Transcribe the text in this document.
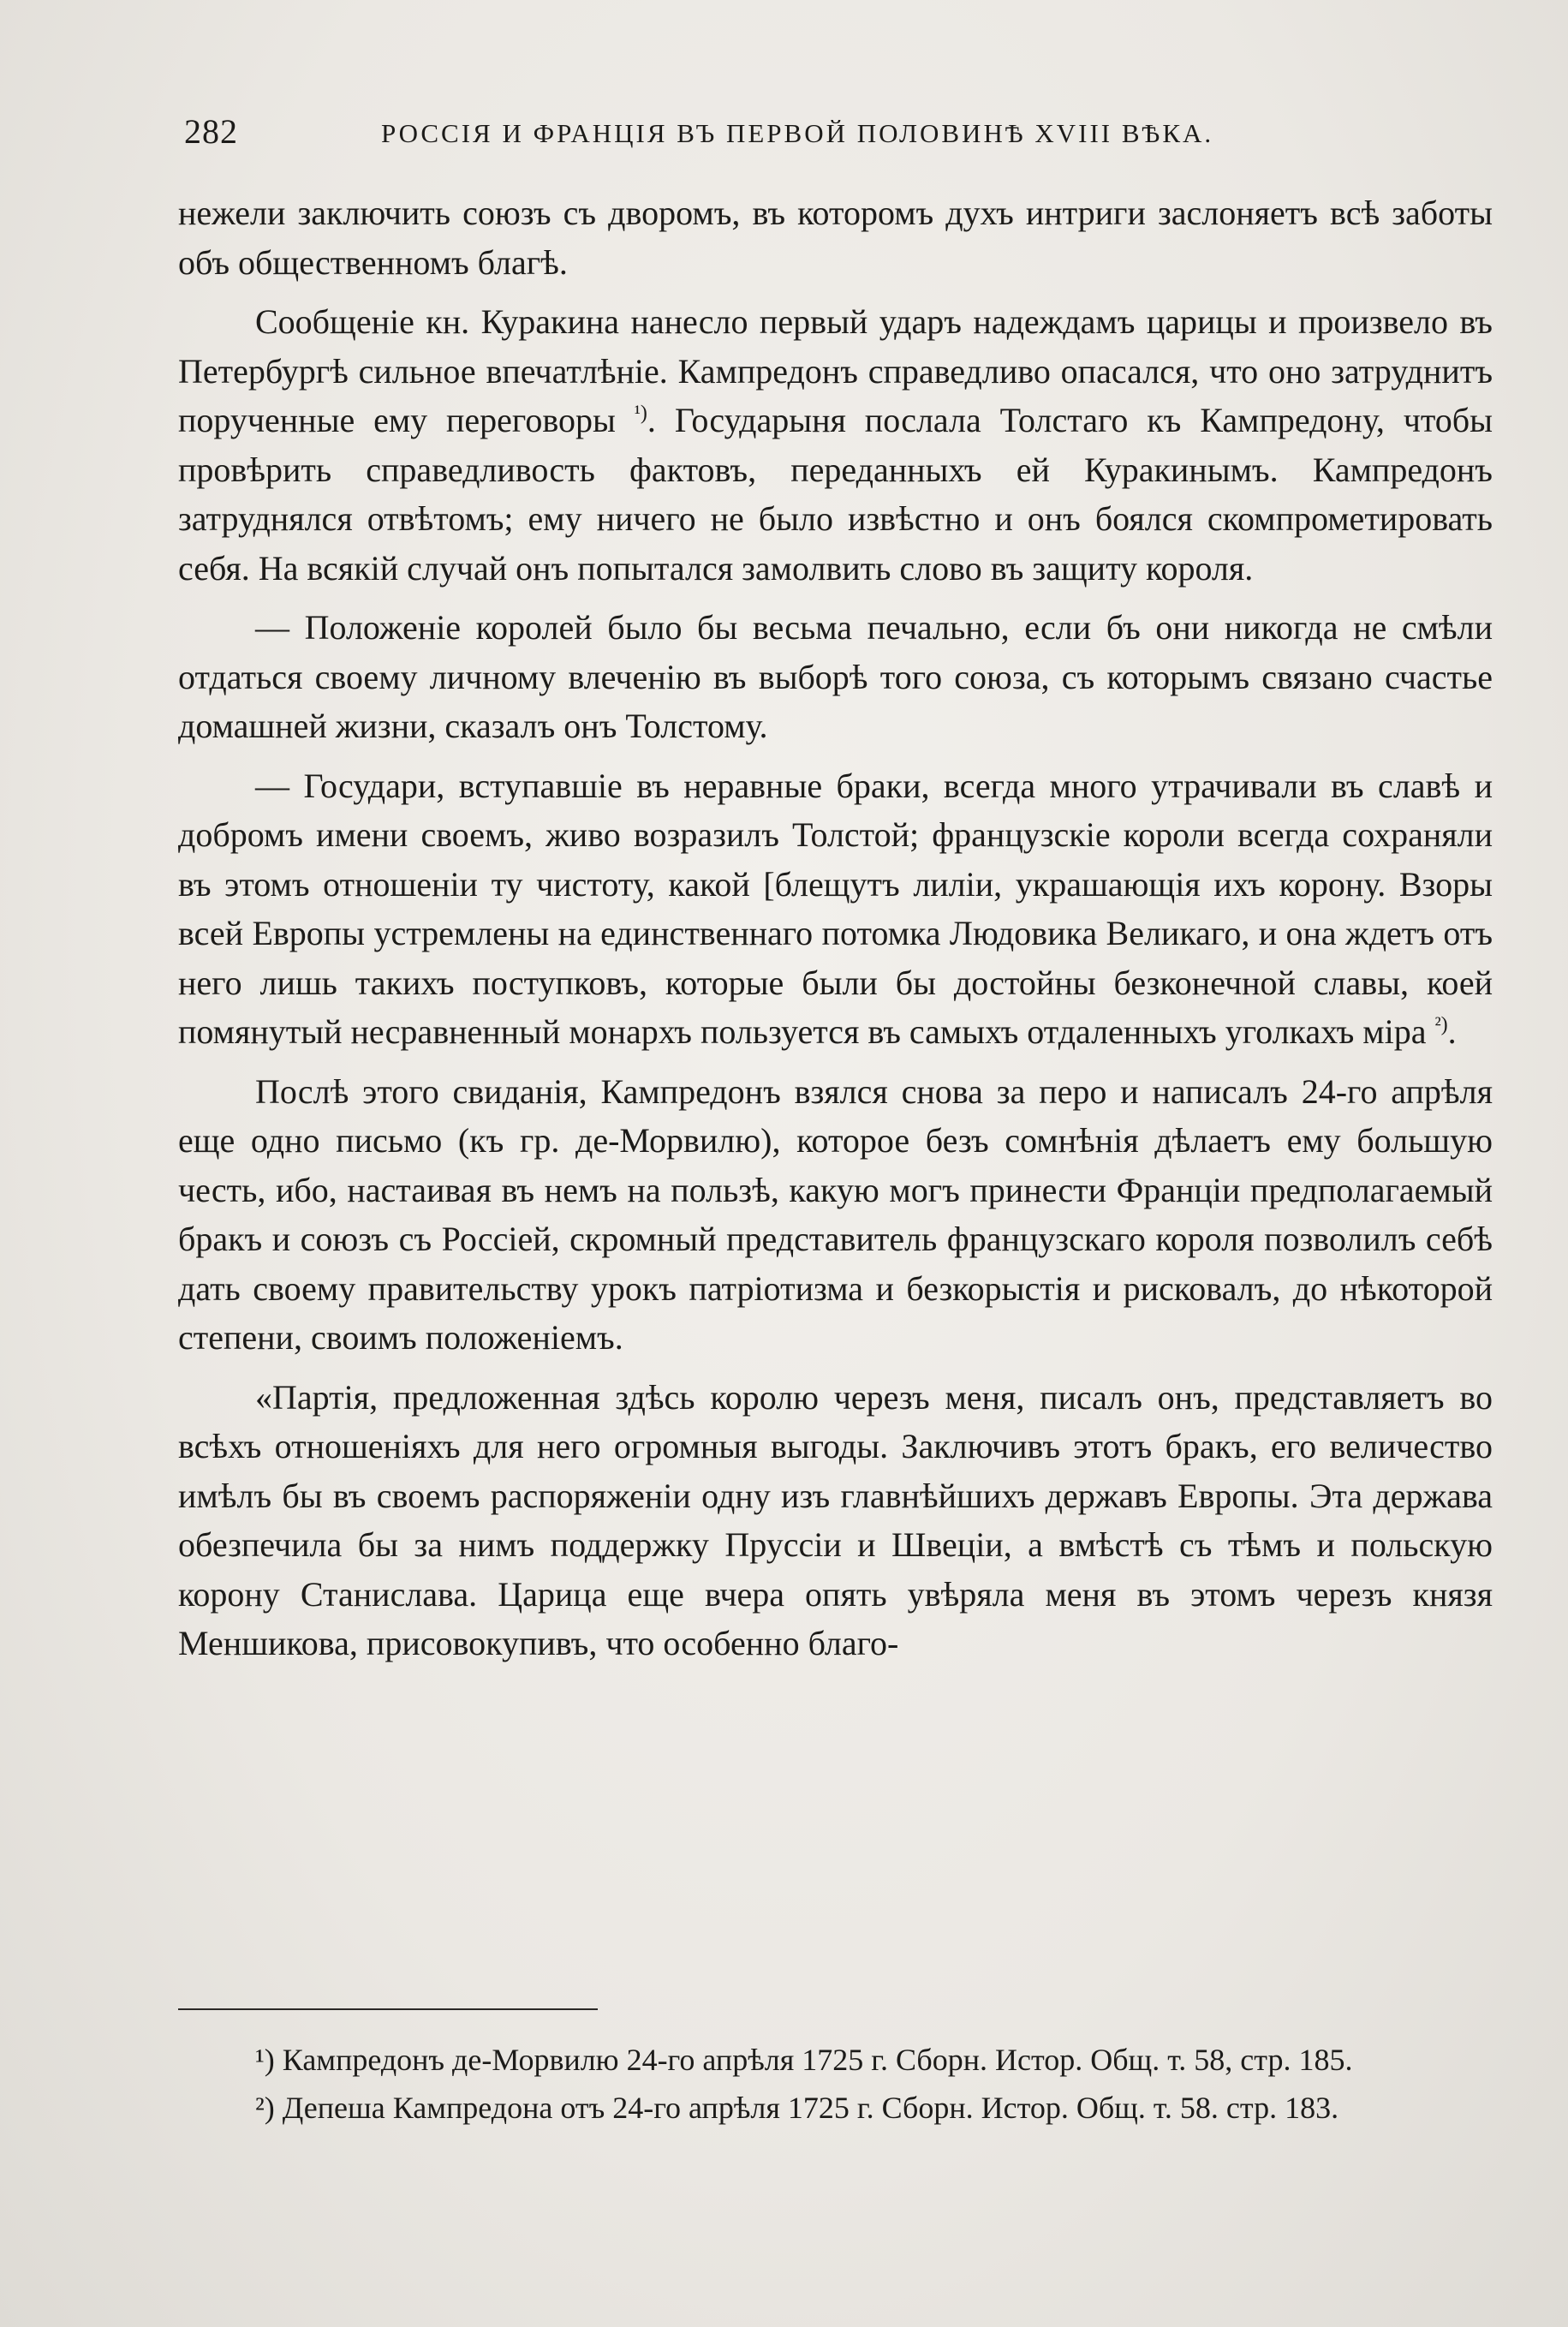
282	РОССІЯ И ФРАНЦІЯ ВЪ ПЕРВОЙ ПОЛОВИНѢ XVIII ВѢКА.

нежели заключить союзъ съ дворомъ, въ которомъ духъ интриги заслоняетъ всѣ заботы объ общественномъ благѣ.

Сообщеніе кн. Куракина нанесло первый ударъ надеждамъ царицы и произвело въ Петербургѣ сильное впечатлѣніе. Кампредонъ справедливо опасался, что оно затруднитъ порученные ему переговоры $^{^1)}$. Государыня послала Толстаго къ Кампредону, чтобы провѣрить справедливость фактовъ, переданныхъ ей Куракинымъ. Кампредонъ затруднялся отвѣтомъ; ему ничего не было извѣстно и онъ боялся скомпрометировать себя. На всякій случай онъ попытался замолвить слово въ защиту короля.

— Положеніе королей было бы весьма печально, если бъ они никогда не смѣли отдаться своему личному влеченію въ выборѣ того союза, съ которымъ связано счастье домашней жизни, сказалъ онъ Толстому.

— Государи, вступавшіе въ неравные браки, всегда много утрачивали въ славѣ и добромъ имени своемъ, живо возразилъ Толстой; французскіе короли всегда сохраняли въ этомъ отношеніи ту чистоту, какой [блещутъ лиліи, украшающія ихъ корону. Взоры всей Европы устремлены на единственнаго потомка Людовика Великаго, и она ждетъ отъ него лишь такихъ поступковъ, которые были бы достойны безконечной славы, коей помянутый несравненный монархъ пользуется въ самыхъ отдаленныхъ уголкахъ міра $^{^2)}$.

Послѣ этого свиданія, Кампредонъ взялся снова за перо и написалъ 24-го апрѣля еще одно письмо (къ гр. де-Морвилю), которое безъ сомнѣнія дѣлаетъ ему большую честь, ибо, настаивая въ немъ на пользѣ, какую могъ принести Франціи предполагаемый бракъ и союзъ съ Россіей, скромный представитель французскаго короля позволилъ себѣ дать своему правительству урокъ патріотизма и безкорыстія и рисковалъ, до нѣкоторой степени, своимъ положеніемъ.

«Партія, предложенная здѣсь королю черезъ меня, писалъ онъ, представляетъ во всѣхъ отношеніяхъ для него огромныя выгоды. Заключивъ этотъ бракъ, его величество имѣлъ бы въ своемъ распоряженіи одну изъ главнѣйшихъ державъ Европы. Эта держава обезпечила бы за нимъ поддержку Пруссіи и Швеціи, а вмѣстѣ съ тѣмъ и польскую корону Станислава. Царица еще вчера опять увѣряла меня въ этомъ черезъ князя Меншикова, присовокупивъ, что особенно благо-

¹) Кампредонъ де-Морвилю 24-го апрѣля 1725 г. Сборн. Истор. Общ. т. 58, стр. 185.

²) Депеша Кампредона отъ 24-го апрѣля 1725 г. Сборн. Истор. Общ. т. 58. стр. 183.
